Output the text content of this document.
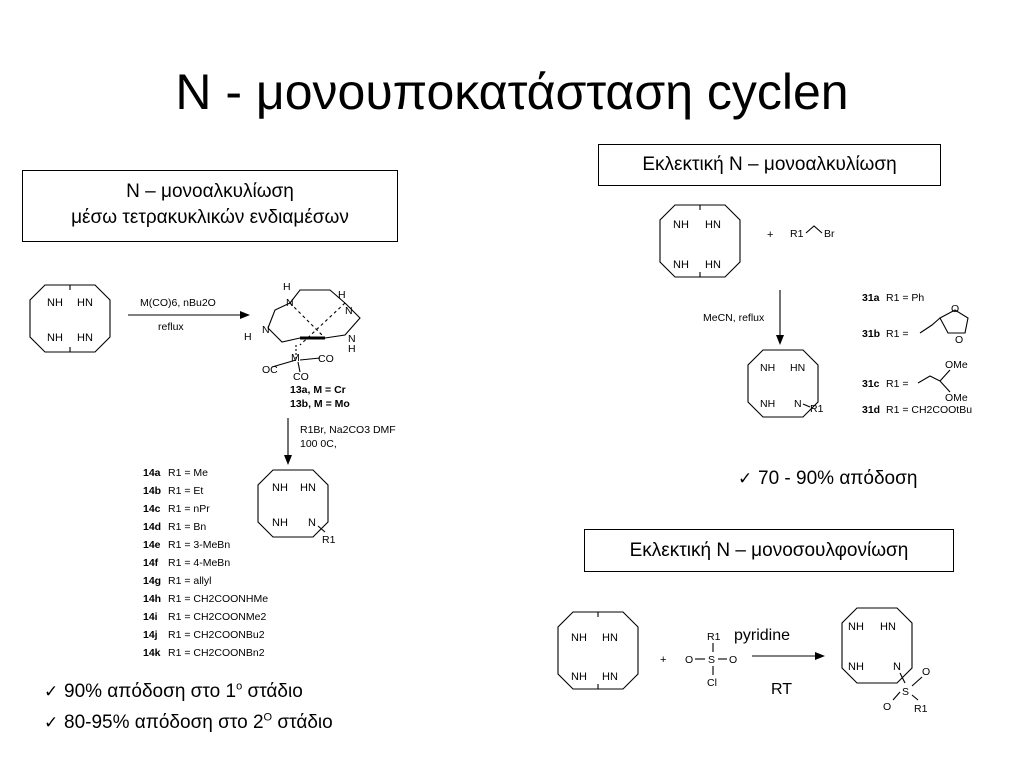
N - μονουποκατάσταση cyclen
N – μονοαλκυλίωση
μέσω τετρακυκλικών ενδιαμέσων
Εκλεκτική N – μονοαλκυλίωση
Εκλεκτική N – μονοσουλφονίωση
✓ 90% απόδοση στο $1^o$ στάδιο
✓ 80-95% απόδοση στο $2^O$ στάδιο
✓ 70 - 90% απόδοση
NH HN
NH HN
M(CO)6, nBu2O
reflux
H
N
H
N
N
H	N
H
M
OC
CO
CO
13a, M = Cr
13b, M = Mo
R1Br, Na2CO3 DMF
100 0C,
NH HN
NH N
R1
14a R1 = Me
14b R1 = Et
14c R1 = nPr
14d R1 = Bn
14e R1 = 3-MeBn
14f R1 = 4-MeBn
14g R1 = allyl
14h R1 = CH2COONHMe
14i R1 = CH2COONMe2
14j R1 = CH2COONBu2
14k R1 = CH2COONBn2
NH HN
NH HN
+ R1 Br
MeCN, reflux
NH HN
NH N R1
31a R1 = Ph
31b R1 =
O
O
31c R1 =
OMe
OMe
31d R1 = CH2COOtBu
NH HN
NH HN
+
R1
O S O
Cl
pyridine
RT
NH HN
NH	N
S
O
O R1
